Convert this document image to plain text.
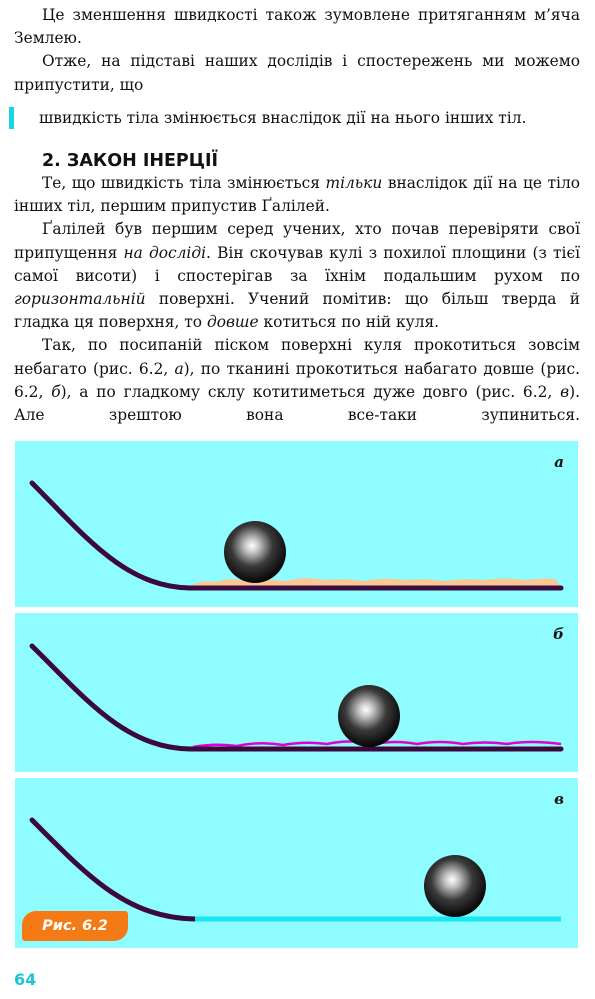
Це зменшення швидкості також зумовлене притяганням м’яча Землею.

Отже, на підставі наших дослідів і спостережень ми можемо припустити, що

швидкість тіла змінюється внаслідок дії на нього інших тіл.
2. ЗАКОН ІНЕРЦІЇ

Те, що швидкість тіла змінюється тільки внаслідок дії на це тіло інших тіл, першим припустив Ґалілей.

Ґалілей був першим серед учених, хто почав перевіряти свої припущення на досліді. Він скочував кулі з похилої площини (з тієї самої висоти) і спостерігав за їхнім подальшим рухом по горизонтальній поверхні. Учений помітив: що більш тверда й гладка ця поверхня, то довше котиться по ній куля.

Так, по посипаній піском поверхні куля прокотиться зовсім небагато (рис. 6.2, а), по тканині прокотиться набагато довше (рис. 6.2, б), а по гладкому склу котитиметься дуже довго (рис. 6.2, в). Але зрештою вона все-таки зупиниться.

а
б
в
Рис. 6.2
64
